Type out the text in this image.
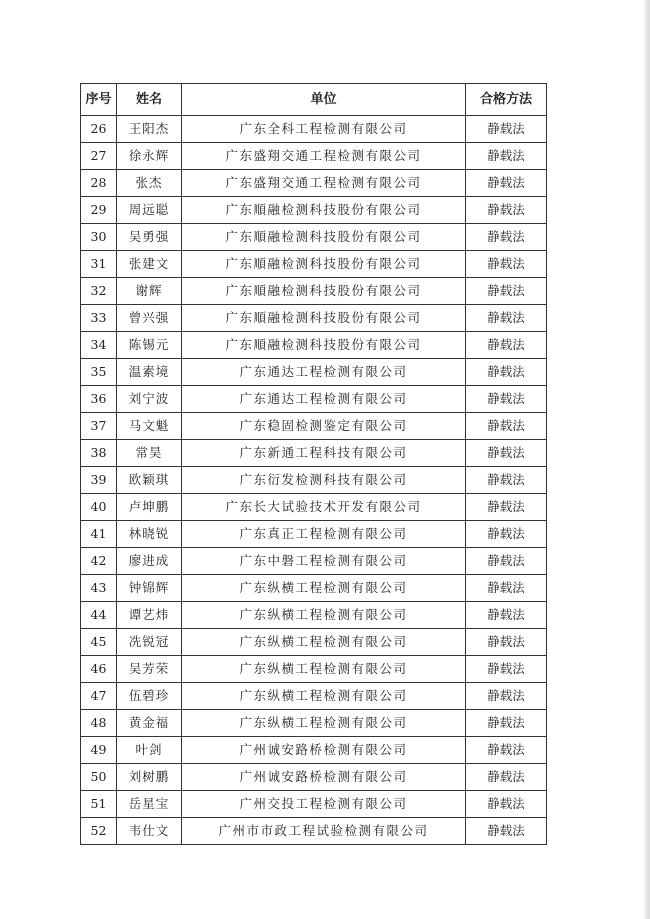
序号	姓名	单位	合格方法
26	王阳杰	广东全科工程检测有限公司	静载法
27	徐永辉	广东盛翔交通工程检测有限公司	静载法
28	张杰	广东盛翔交通工程检测有限公司	静载法
29	周远聪	广东順融检测科技股份有限公司	静载法
30	吴勇强	广东順融检测科技股份有限公司	静载法
31	张建文	广东順融检测科技股份有限公司	静载法
32	谢辉	广东順融检测科技股份有限公司	静载法
33	曾兴强	广东順融检测科技股份有限公司	静载法
34	陈锡元	广东順融检测科技股份有限公司	静载法
35	温素境	广东通达工程检测有限公司	静载法
36	刘宁波	广东通达工程检测有限公司	静载法
37	马文魁	广东稳固检测鉴定有限公司	静载法
38	常昊	广东新通工程科技有限公司	静载法
39	欧颖琪	广东衍发检测科技有限公司	静载法
40	卢坤鹏	广东长大试验技术开发有限公司	静载法
41	林晓锐	广东真正工程检测有限公司	静载法
42	廖进成	广东中磐工程检测有限公司	静载法
43	钟锦辉	广东纵横工程检测有限公司	静载法
44	谭艺炜	广东纵横工程检测有限公司	静载法
45	冼锐冠	广东纵横工程检测有限公司	静载法
46	吴芳荣	广东纵横工程检测有限公司	静载法
47	伍碧珍	广东纵横工程检测有限公司	静载法
48	黄金福	广东纵横工程检测有限公司	静载法
49	叶剑	广州诚安路桥检测有限公司	静载法
50	刘树鹏	广州诚安路桥检测有限公司	静载法
51	岳星宝	广州交投工程检测有限公司	静载法
52	韦仕文	广州市市政工程试验检测有限公司	静载法
